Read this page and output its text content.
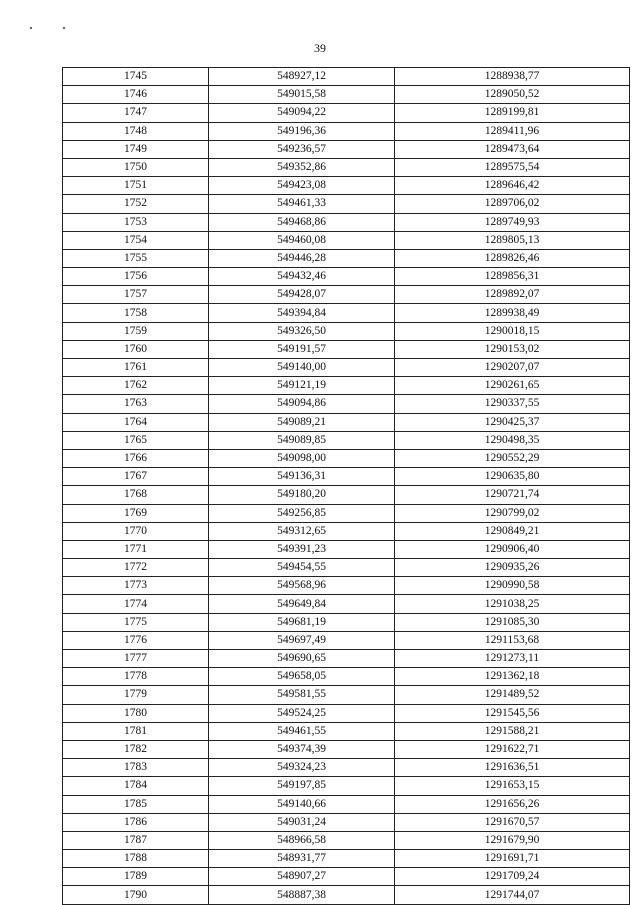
39
1745	548927,12	1288938,77
1746	549015,58	1289050,52
1747	549094,22	1289199,81
1748	549196,36	1289411,96
1749	549236,57	1289473,64
1750	549352,86	1289575,54
1751	549423,08	1289646,42
1752	549461,33	1289706,02
1753	549468,86	1289749,93
1754	549460,08	1289805,13
1755	549446,28	1289826,46
1756	549432,46	1289856,31
1757	549428,07	1289892,07
1758	549394,84	1289938,49
1759	549326,50	1290018,15
1760	549191,57	1290153,02
1761	549140,00	1290207,07
1762	549121,19	1290261,65
1763	549094,86	1290337,55
1764	549089,21	1290425,37
1765	549089,85	1290498,35
1766	549098,00	1290552,29
1767	549136,31	1290635,80
1768	549180,20	1290721,74
1769	549256,85	1290799,02
1770	549312,65	1290849,21
1771	549391,23	1290906,40
1772	549454,55	1290935,26
1773	549568,96	1290990,58
1774	549649,84	1291038,25
1775	549681,19	1291085,30
1776	549697,49	1291153,68
1777	549690,65	1291273,11
1778	549658,05	1291362,18
1779	549581,55	1291489,52
1780	549524,25	1291545,56
1781	549461,55	1291588,21
1782	549374,39	1291622,71
1783	549324,23	1291636,51
1784	549197,85	1291653,15
1785	549140,66	1291656,26
1786	549031,24	1291670,57
1787	548966,58	1291679,90
1788	548931,77	1291691,71
1789	548907,27	1291709,24
1790	548887,38	1291744,07
